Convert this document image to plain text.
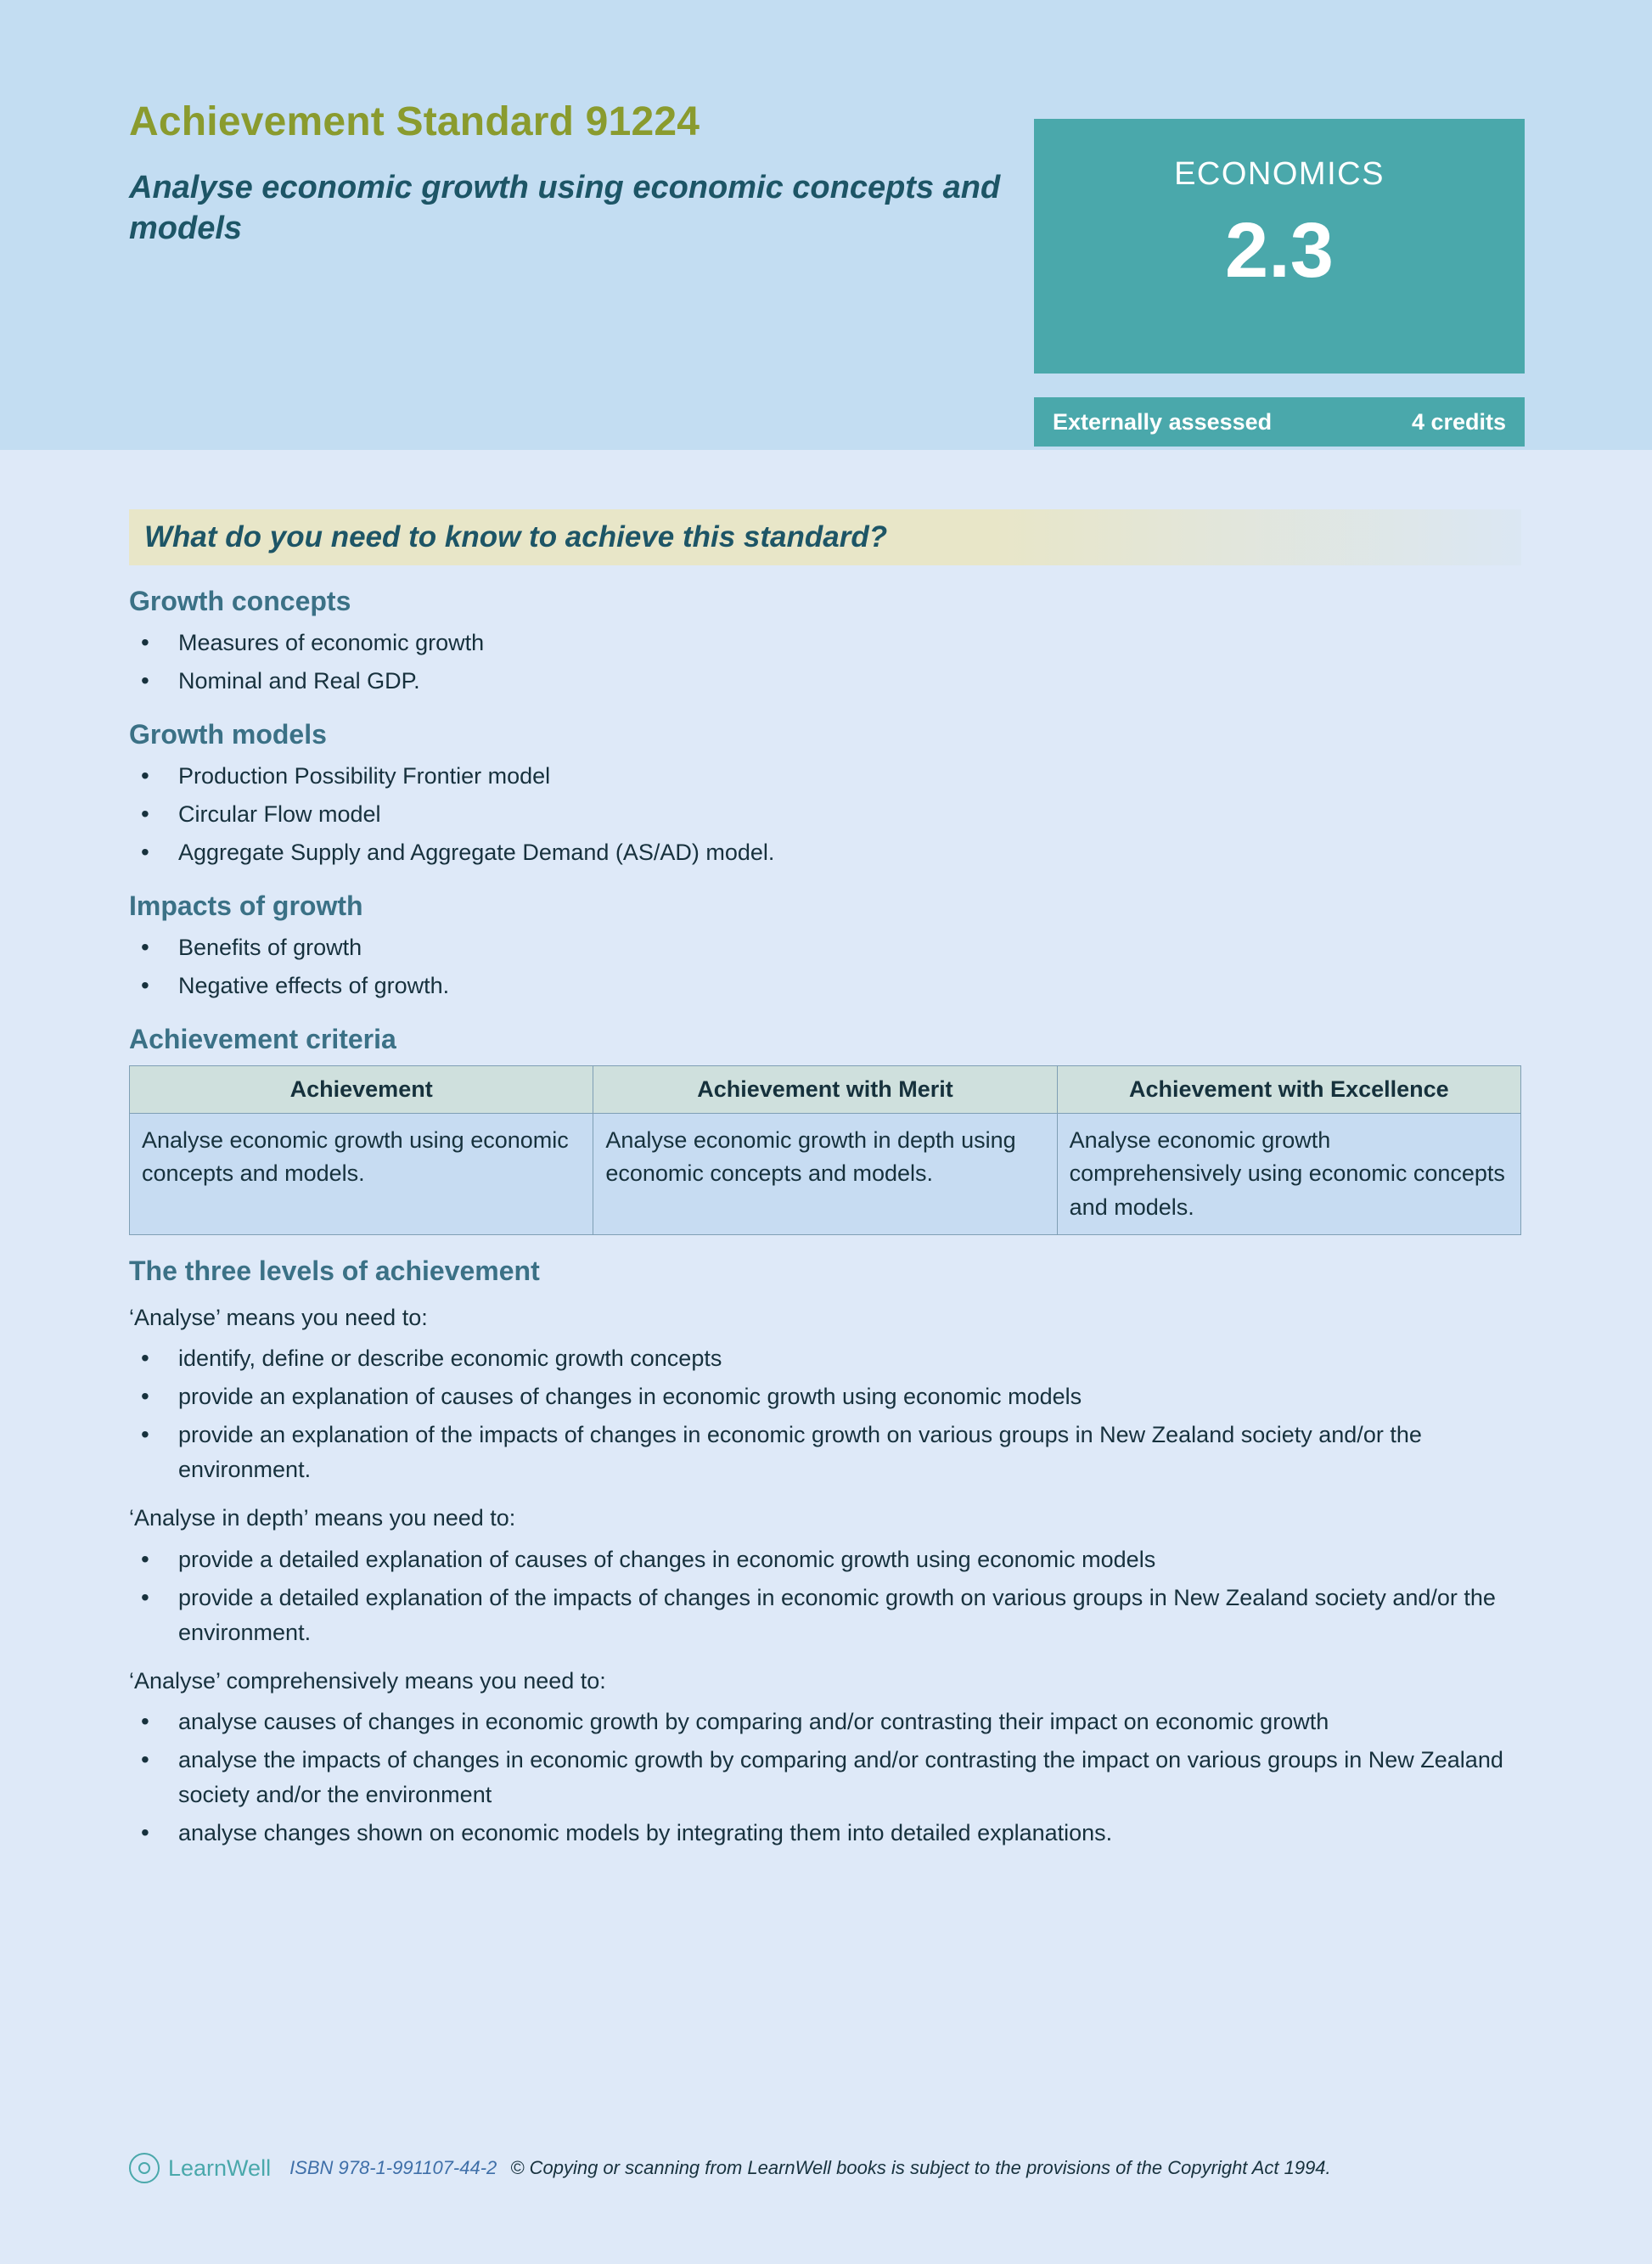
Achievement Standard 91224
Analyse economic growth using economic concepts and models
ECONOMICS
2.3
Externally assessed	4 credits
What do you need to know to achieve this standard?
Growth concepts
• Measures of economic growth
• Nominal and Real GDP.
Growth models
• Production Possibility Frontier model
• Circular Flow model
• Aggregate Supply and Aggregate Demand (AS/AD) model.
Impacts of growth
• Benefits of growth
• Negative effects of growth.
Achievement criteria
Achievement	Achievement with Merit	Achievement with Excellence
Analyse economic growth using economic concepts and models.	Analyse economic growth in depth using economic concepts and models.	Analyse economic growth comprehensively using economic concepts and models.
The three levels of achievement

‘Analyse’ means you need to:

• identify, define or describe economic growth concepts
• provide an explanation of causes of changes in economic growth using economic models
• provide an explanation of the impacts of changes in economic growth on various groups in New Zealand society and/or the environment.

‘Analyse in depth’ means you need to:

• provide a detailed explanation of causes of changes in economic growth using economic models
• provide a detailed explanation of the impacts of changes in economic growth on various groups in New Zealand society and/or the environment.

‘Analyse’ comprehensively means you need to:

• analyse causes of changes in economic growth by comparing and/or contrasting their impact on economic growth
• analyse the impacts of changes in economic growth by comparing and/or contrasting the impact on various groups in New Zealand society and/or the environment
• analyse changes shown on economic models by integrating them into detailed explanations.
LearnWell ISBN 978-1-991107-44-2 © Copying or scanning from LearnWell books is subject to the provisions of the Copyright Act 1994.
